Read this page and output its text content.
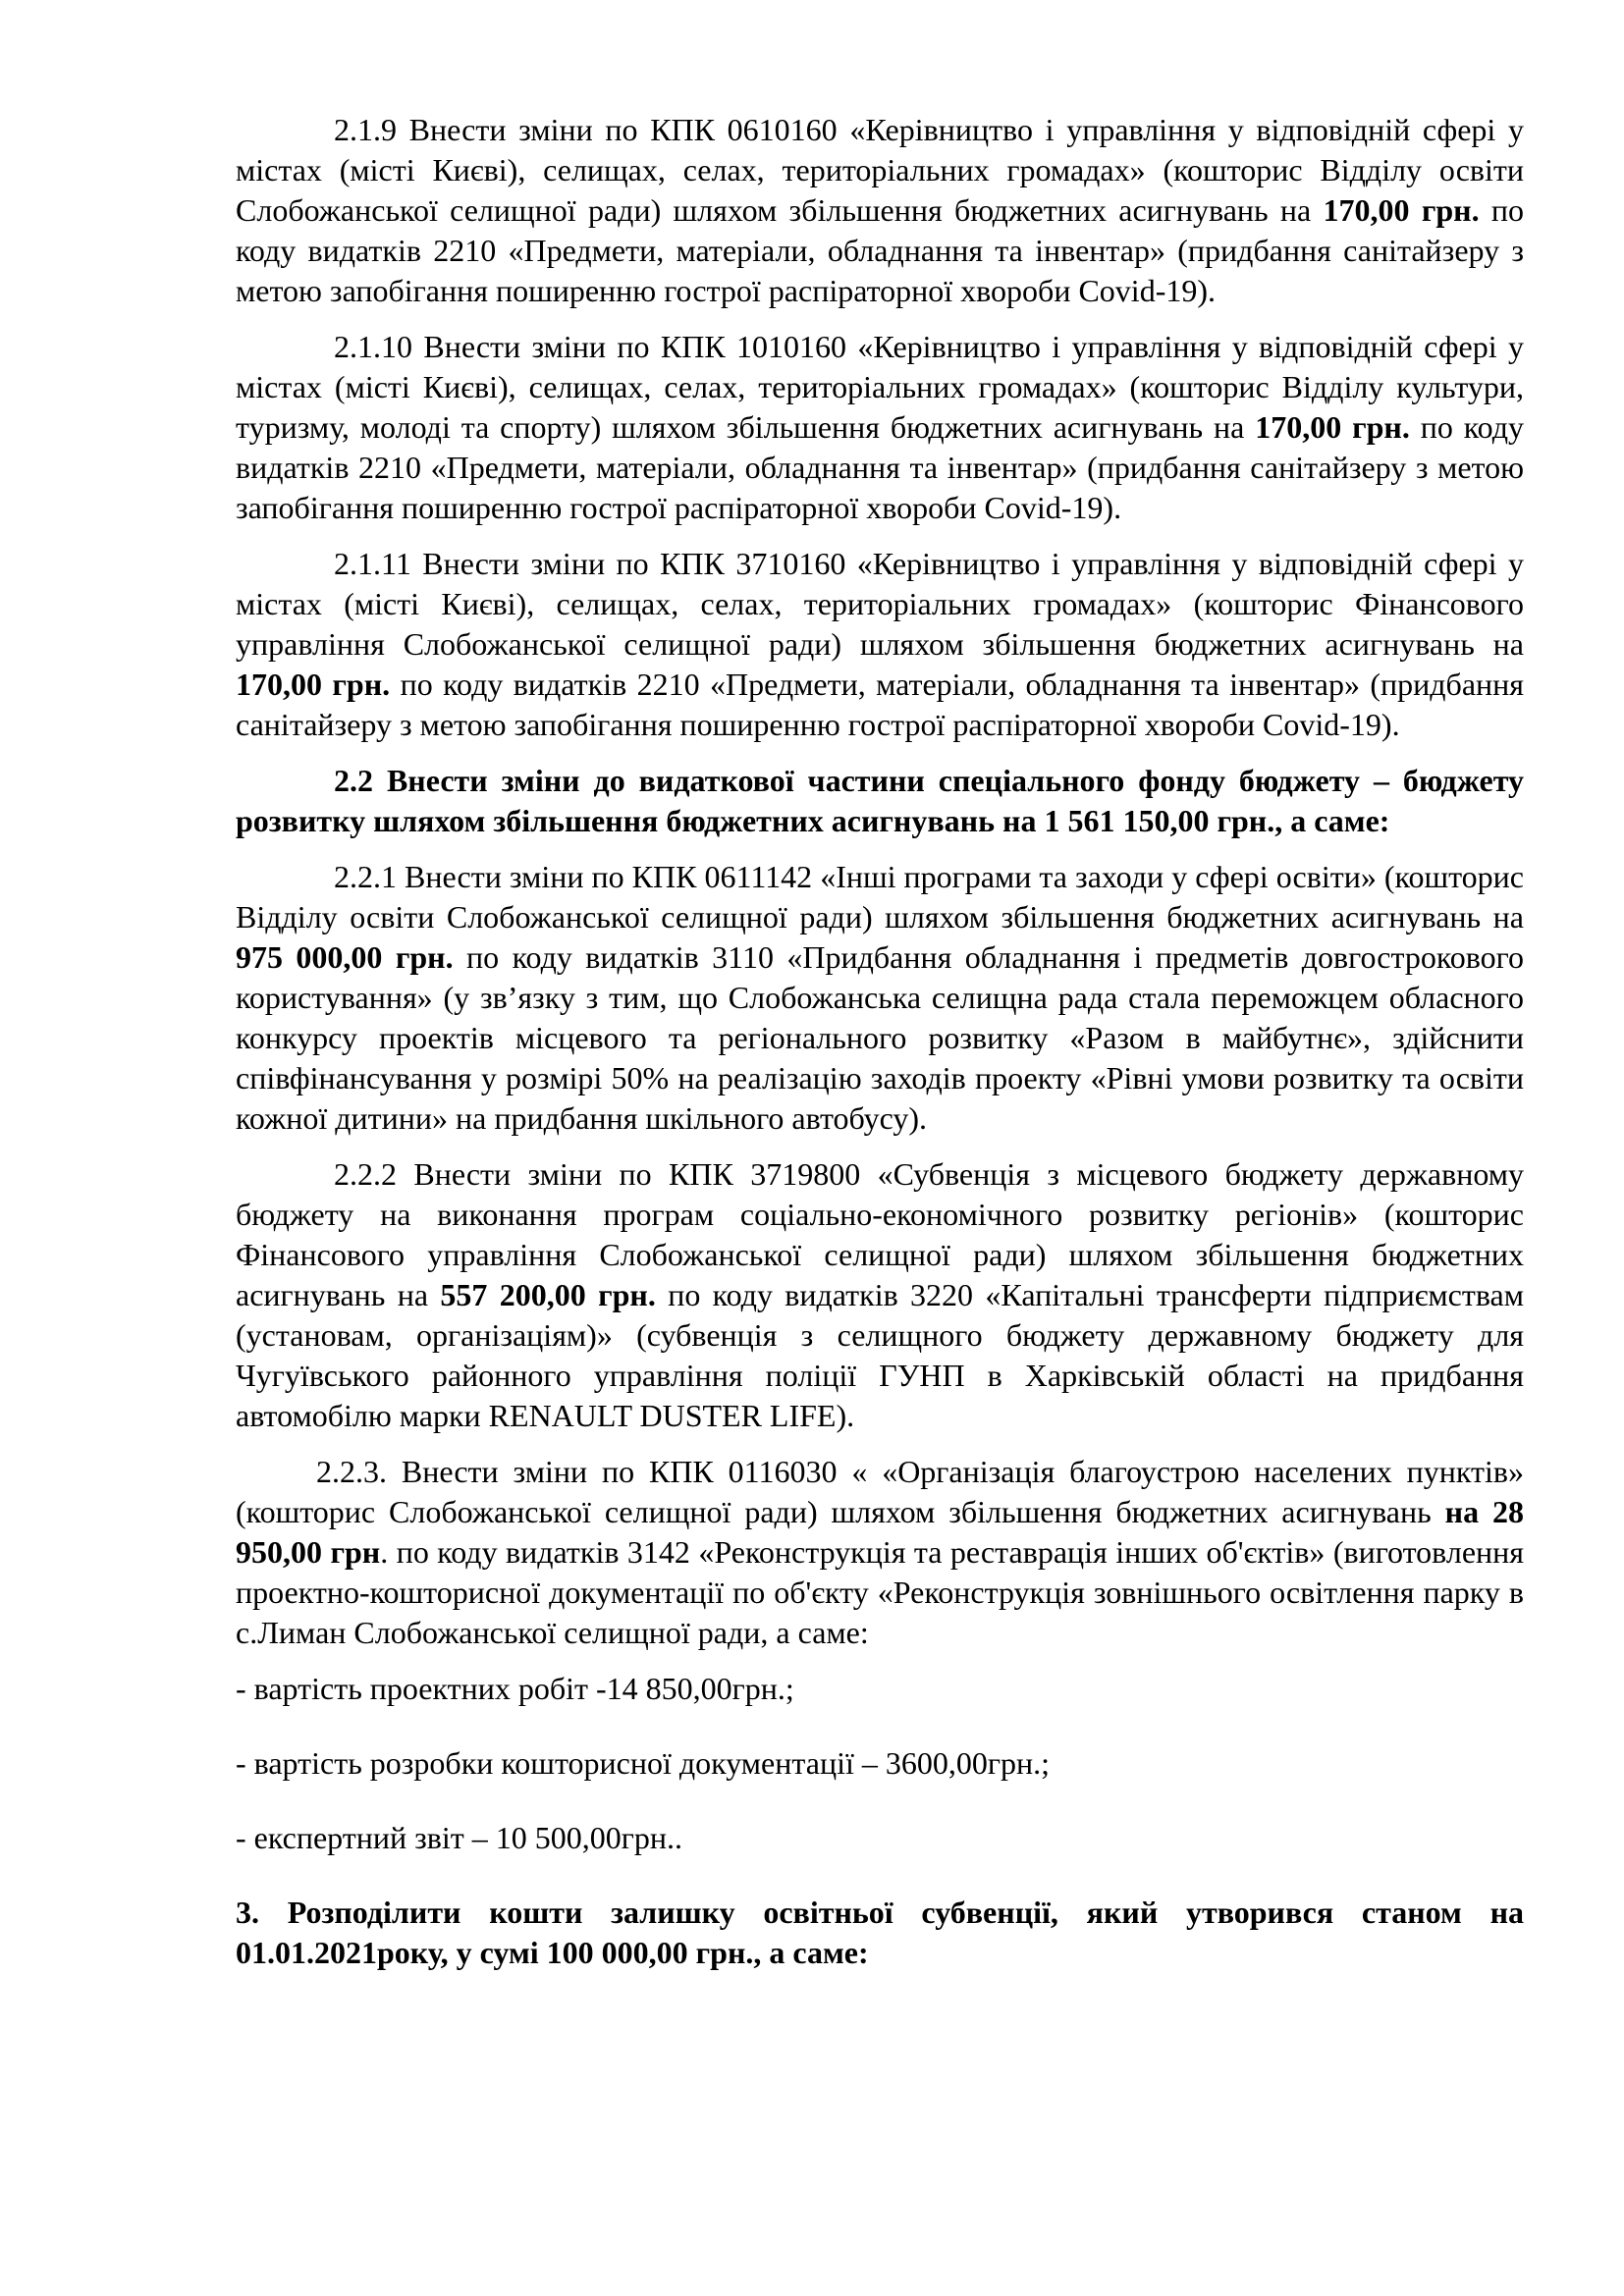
2.1.9 Внести зміни по КПК 0610160 «Керівництво і управління у відповідній сфері у містах (місті Києві), селищах, селах, територіальних громадах» (кошторис Відділу освіти Слобожанської селищної ради) шляхом збільшення бюджетних асигнувань на 170,00 грн. по коду видатків 2210 «Предмети, матеріали, обладнання та інвентар» (придбання санітайзеру з метою запобігання поширенню гострої распіраторної хвороби Covid-19).

2.1.10 Внести зміни по КПК 1010160 «Керівництво і управління у відповідній сфері у містах (місті Києві), селищах, селах, територіальних громадах» (кошторис Відділу культури, туризму, молоді та спорту) шляхом збільшення бюджетних асигнувань на 170,00 грн. по коду видатків 2210 «Предмети, матеріали, обладнання та інвентар» (придбання санітайзеру з метою запобігання поширенню гострої распіраторної хвороби Covid-19).

2.1.11 Внести зміни по КПК 3710160 «Керівництво і управління у відповідній сфері у містах (місті Києві), селищах, селах, територіальних громадах» (кошторис Фінансового управління Слобожанської селищної ради) шляхом збільшення бюджетних асигнувань на 170,00 грн. по коду видатків 2210 «Предмети, матеріали, обладнання та інвентар» (придбання санітайзеру з метою запобігання поширенню гострої распіраторної хвороби Covid-19).

2.2 Внести зміни до видаткової частини спеціального фонду бюджету – бюджету розвитку шляхом збільшення бюджетних асигнувань на 1 561 150,00 грн., а саме:

2.2.1 Внести зміни по КПК 0611142 «Інші програми та заходи у сфері освіти» (кошторис Відділу освіти Слобожанської селищної ради) шляхом збільшення бюджетних асигнувань на 975 000,00 грн. по коду видатків 3110 «Придбання обладнання і предметів довгострокового користування» (у зв’язку з тим, що Слобожанська селищна рада стала переможцем обласного конкурсу проектів місцевого та регіонального розвитку «Разом в майбутнє», здійснити співфінансування у розмірі 50% на реалізацію заходів проекту «Рівні умови розвитку та освіти кожної дитини» на придбання шкільного автобусу).

2.2.2 Внести зміни по КПК 3719800 «Субвенція з місцевого бюджету державному бюджету на виконання програм соціально-економічного розвитку регіонів» (кошторис Фінансового управління Слобожанської селищної ради) шляхом збільшення бюджетних асигнувань на 557 200,00 грн. по коду видатків 3220 «Капітальні трансферти підприємствам (установам, організаціям)» (субвенція з селищного бюджету державному бюджету для Чугуївського районного управління поліції ГУНП в Харківській області на придбання автомобілю марки RENAULT DUSTER LIFE).

2.2.3. Внести зміни по КПК 0116030 « «Організація благоустрою населених пунктів» (кошторис Слобожанської селищної ради) шляхом збільшення бюджетних асигнувань на 28 950,00 грн. по коду видатків 3142 «Реконструкція та реставрація інших об'єктів» (виготовлення проектно-кошторисної документації по об'єкту «Реконструкція зовнішнього освітлення парку в с.Лиман Слобожанської селищної ради, а саме:

- вартість проектних робіт -14 850,00грн.;

- вартість розробки кошторисної документації – 3600,00грн.;

- експертний звіт – 10 500,00грн..

3. Розподілити кошти залишку освітньої субвенції, який утворився станом на 01.01.2021року, у сумі 100 000,00 грн., а саме:
